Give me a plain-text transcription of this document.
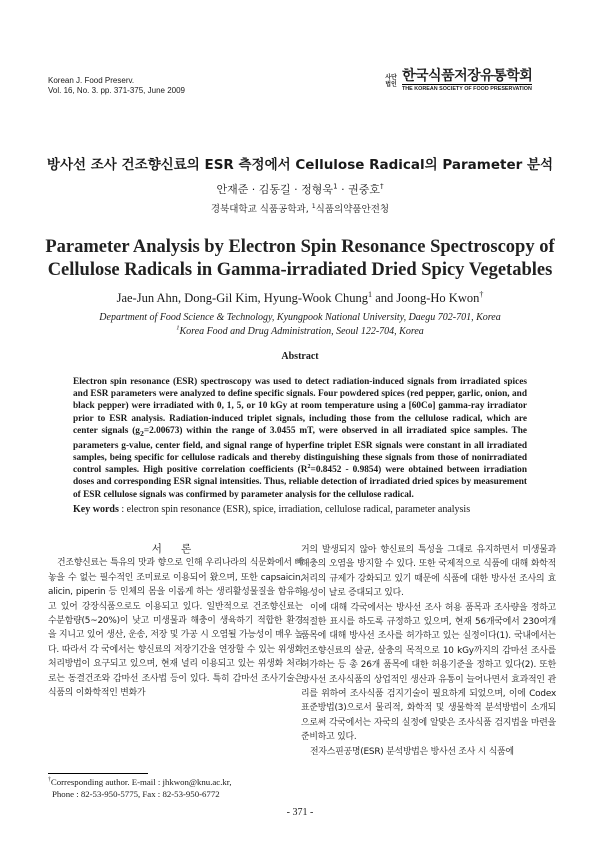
Korean J. Food Preserv.
Vol. 16, No. 3. pp. 371-375, June 2009
사단
법인 한국식품저장유통학회
THE KOREAN SOCIETY OF FOOD PRESERVATION
방사선 조사 건조향신료의 ESR 측정에서 Cellulose Radical의 Parameter 분석
안재준 · 김동길 · 정형욱$^1$ · 권중호†
경북대학교 식품공학과, $^1$식품의약품안전청
Parameter Analysis by Electron Spin Resonance Spectroscopy of
Cellulose Radicals in Gamma-irradiated Dried Spicy Vegetables
Jae-Jun Ahn, Dong-Gil Kim, Hyung-Wook Chung$^1$ and Joong-Ho Kwon†
Department of Food Science & Technology, Kyungpook National University, Daegu 702-701, Korea
$^1$Korea Food and Drug Administration, Seoul 122-704, Korea
Abstract
Electron spin resonance (ESR) spectroscopy was used to detect radiation-induced signals from irradiated spices and ESR parameters were analyzed to define specific signals. Four powdered spices (red pepper, garlic, onion, and black pepper) were irradiated with 0, 1, 5, or 10 kGy at room temperature using a [60Co] gamma-ray irradiator prior to ESR analysis. Radiation-induced triplet signals, including those from the cellulose radical, which are center signals $(g_2=2.00673)$ within the range of 3.0455 mT, were observed in all irradiated spice samples. The parameters g-value, center field, and signal range of hyperfine triplet ESR signals were constant in all irradiated samples, being specific for cellulose radicals and thereby distinguishing these signals from those of nonirradiated control samples. High positive correlation coefficients $(R^2=0.8452 - 0.9854)$ were obtained between irradiation doses and corresponding ESR signal intensities. Thus, reliable detection of irradiated dried spices by measurement of ESR cellulose signals was confirmed by parameter analysis for the cellulose radical.
Key words : electron spin resonance (ESR), spice, irradiation, cellulose radical, parameter analysis

서 론

건조향신료는 특유의 맛과 향으로 인해 우리나라의 식문화에서 빼 놓을 수 없는 필수적인 조미료로 이용되어 왔으며, 또한 capsaicin, alicin, piperin 등 인체의 몸을 이롭게 하는 생리활성물질을 함유하고 있어 강장식품으로도 이용되고 있다. 일반적으로 건조향신료는 수분함량(5~20%)이 낮고 미생물과 해충이 생육하기 적합한 환경을 지니고 있어 생산, 운송, 저장 및 가공 시 오염될 가능성이 매우 높다. 따라서 각 국에서는 향신료의 저장기간을 연장할 수 있는 위생화 처리방법이 요구되고 있으며, 현재 널리 이용되고 있는 위생화 처리로는 동결건조와 감마선 조사법 등이 있다. 특히 감마선 조사기술은 식품의 이화학적인 변화가

거의 발생되지 않아 향신료의 특성을 그대로 유지하면서 미생물과 해충의 오염을 방지할 수 있다. 또한 국제적으로 식품에 대해 화학적 처리의 규제가 강화되고 있기 때문에 식품에 대한 방사선 조사의 효용성이 날로 증대되고 있다.

이에 대해 각국에서는 방사선 조사 허용 품목과 조사량을 정하고 적절한 표시를 하도록 규정하고 있으며, 현재 56개국에서 230여개 품목에 대해 방사선 조사를 허가하고 있는 실정이다(1). 국내에서는 건조향신료의 살균, 살충의 목적으로 10 kGy까지의 감마선 조사를 허가하는 등 총 26개 품목에 대한 허용기준을 정하고 있다(2). 또한 방사선 조사식품의 상업적인 생산과 유통이 늘어나면서 효과적인 관리를 위하여 조사식품 검지기술이 필요하게 되었으며, 이에 Codex 표준방법(3)으로서 물리적, 화학적 및 생물학적 분석방법이 소개되으로써 각국에서는 자국의 실정에 알맞은 조사식품 검지법을 마련을 준비하고 있다.

전자스핀공명(ESR) 분석방법은 방사선 조사 시 식품에

†Corresponding author. E-mail : jhkwon@knu.ac.kr,
Phone : 82-53-950-5775, Fax : 82-53-950-6772
- 371 -
